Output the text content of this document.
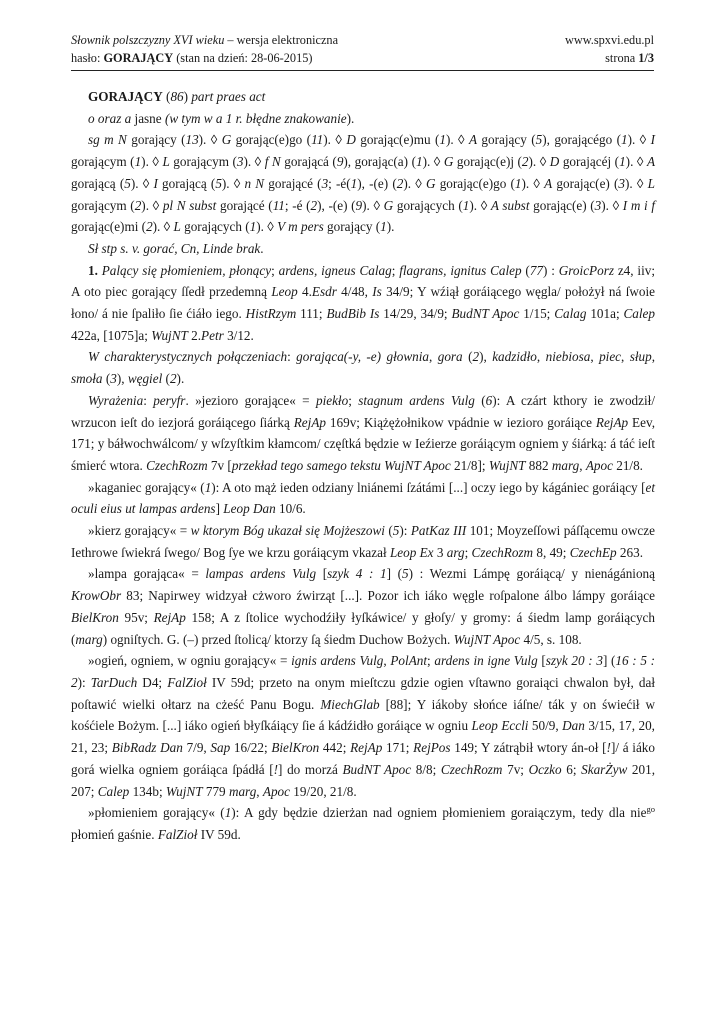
Słownik polszczyzny XVI wieku – wersja elektroniczna	www.spxvi.edu.pl
hasło: GORAJĄCY (stan na dzień: 28-06-2015)	strona 1/3

GORAJĄCY (86) part praes act

o oraz a jasne (w tym w a 1 r. błędne znakowanie).

sg m N gorający (13). ◊ G gorając(e)go (11). ◊ D gorając(e)mu (1). ◊ A gorający (5), gorającégo (1). ◊ I gorającym (1). ◊ L gorającym (3). ◊ f N gorającá (9), gorając(a) (1). ◊ G gorając(e)j (2). ◊ D gorającéj (1). ◊ A gorającą (5). ◊ I gorającą (5). ◊ n N gorającé (3; -é(1), -(e) (2). ◊ G gorając(e)go (1). ◊ A gorając(e) (3). ◊ L gorającym (2). ◊ pl N subst gorającé (11; -é (2), -(e) (9). ◊ G gorających (1). ◊ A subst gorając(e) (3). ◊ I m i f gorając(e)mi (2). ◊ L gorających (1). ◊ V m pers gorający (1).

Sł stp s. v. gorać, Cn, Linde brak.

1. Palący się płomieniem, płonący; ardens, igneus Calag; flagrans, ignitus Calep (77) : GroicPorz z4, iiv; A oto piec gorający ſſedł przedemną Leop 4.Esdr 4/48, Is 34/9; Y wźiął goráiącego węgla/ położył ná ſwoie łono/ á nie ſpaliło ſie ćiáło iego. HistRzym 111; BudBib Is 14/29, 34/9; BudNT Apoc 1/15; Calag 101a; Calep 422a, [1075]a; WujNT 2.Petr 3/12.

W charakterystycznych połączeniach: gorająca(-y, -e) głownia, gora (2), kadzidło, niebiosa, piec, słup, smoła (3), węgiel (2).

Wyrażenia: peryfr. »jezioro gorające« = piekło; stagnum ardens Vulg (6): A czárt kthory ie zwodził/ wrzucon ieſt do iezjorá goráiącego ſiárką RejAp 169v; Kiążężołnikow vpádnie w iezioro goráiące RejAp Eev, 171; y báłwochwálcom/ y wſzyſtkim kłamcom/ częſtká będzie w Ieźierze goráiącym ogniem y śiárką: á táć ieſt śmierć wtora. CzechRozm 7v [przekład tego samego tekstu WujNT Apoc 21/8]; WujNT 882 marg, Apoc 21/8.

»kaganiec gorający« (1): A oto mąż ieden odziany lniánemi ſzátámi [...] oczy iego by kágániec goráiący [et oculi eius ut lampas ardens] Leop Dan 10/6.

»kierz gorający« = w ktorym Bóg ukazał się Mojżeszowi (5): PatKaz III 101; Moyzeſſowi páſſącemu owcze Iethrowe ſwiekrá ſwego/ Bog ſye we krzu goráiącym vkazał Leop Ex 3 arg; CzechRozm 8, 49; CzechEp 263.

»lampa gorająca« = lampas ardens Vulg [szyk 4 : 1] (5) : Wezmi Lámpę goráiącą/ y nienágánioną KrowObr 83; Napirwey widzyał cżworo źwirząt [...]. Pozor ich iáko węgle roſpalone álbo lámpy goráiące BielKron 95v; RejAp 158; A z ſtolice wychodźiły łyſkáwice/ y głoſy/ y gromy: á śiedm lamp goráiących (marg) ogniſtych. G. (–) przed ſtolicą/ ktorzy ſą śiedm Duchow Bożych. WujNT Apoc 4/5, s. 108.

»ogień, ogniem, w ogniu gorający« = ignis ardens Vulg, PolAnt; ardens in igne Vulg [szyk 20 : 3] (16 : 5 : 2): TarDuch D4; FalZioł IV 59d; przeto na onym mieſtczu gdzie ogien vſtawno goraiąci chwalon był, dał poſtawić wielki ołtarz na cżeść Panu Bogu. MiechGlab [88]; Y iákoby słońce iáſne/ ták y on świećił w kośćiele Bożym. [...] iáko ogień błyſkáiący ſie á kádźidło goráiące w ogniu Leop Eccli 50/9, Dan 3/15, 17, 20, 21, 23; BibRadz Dan 7/9, Sap 16/22; BielKron 442; RejAp 171; RejPos 149; Y zátrąbił wtory án-oł [!]/ á iáko gorá wielka ogniem goráiąca ſpádłá [!] do morzá BudNT Apoc 8/8; CzechRozm 7v; Oczko 6; SkarŻyw 201, 207; Calep 134b; WujNT 779 marg, Apoc 19/20, 21/8.

»płomieniem gorający« (1): A gdy będzie dzierżan nad ogniem płomieniem goraiączym, tedy dla nie$^{go}$ płomień gaśnie. FalZioł IV 59d.
